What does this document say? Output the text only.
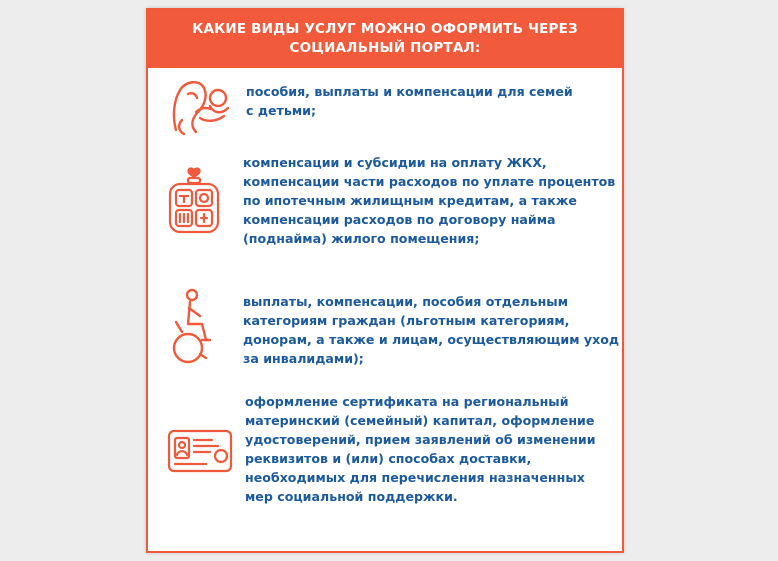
КАКИЕ ВИДЫ УСЛУГ МОЖНО ОФОРМИТЬ ЧЕРЕЗ
СОЦИАЛЬНЫЙ ПОРТАЛ:
пособия, выплаты и компенсации для семей
с детьми;
компенсации и субсидии на оплату ЖКХ,
компенсации части расходов по уплате процентов
по ипотечным жилищным кредитам, а также
компенсации расходов по договору найма
(поднайма) жилого помещения;
выплаты, компенсации, пособия отдельным
категориям граждан (льготным категориям,
донорам, а также и лицам, осуществляющим уход
за инвалидами);
оформление сертификата на региональный
материнский (семейный) капитал, оформление
удостоверений, прием заявлений об изменении
реквизитов и (или) способах доставки,
необходимых для перечисления назначенных
мер социальной поддержки.
